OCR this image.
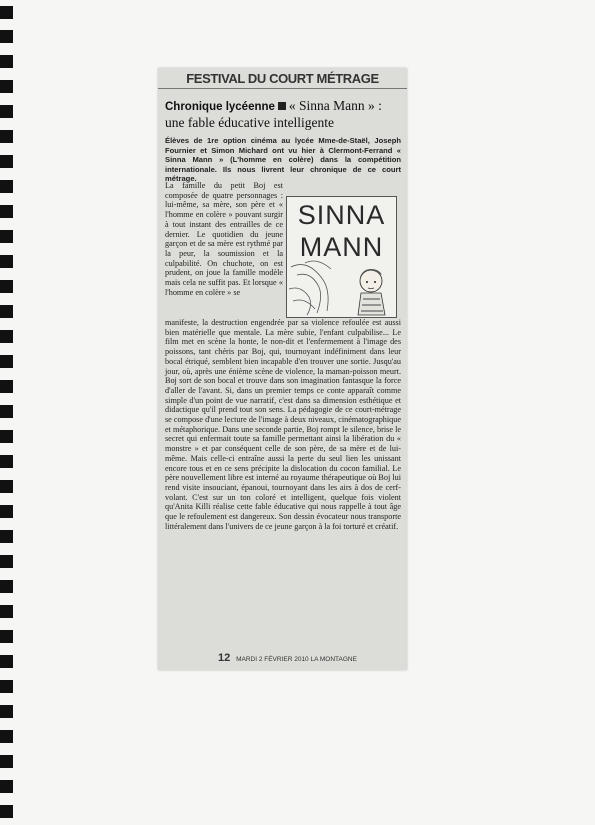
FESTIVAL DU COURT MÉTRAGE
Chronique lycéenne « Sinna Mann » : une fable éducative intelligente
Élèves de 1re option cinéma au lycée Mme-de-Staël, Joseph Fournier et Simon Michard ont vu hier à Clermont-Ferrand « Sinna Mann » (L'homme en colère) dans la compétition internationale. Ils nous livrent leur chronique de ce court métrage.
SINNA
MANN
La famille du petit Boj est composée de quatre personnages : lui-même, sa mère, son père et « l'homme en colère » pouvant surgir à tout instant des entrailles de ce dernier. Le quotidien du jeune garçon et de sa mère est rythmé par la peur, la soumission et la culpabilité. On chuchote, on est prudent, on joue la famille modèle mais cela ne suffit pas. Et lorsque « l'homme en colère » se
manifeste, la destruction engendrée par sa violence refoulée est aussi bien matérielle que mentale. La mère subie, l'enfant culpabilise... Le film met en scène la honte, le non-dit et l'enfermement à l'image des poissons, tant chéris par Boj, qui, tournoyant indéfiniment dans leur bocal étriqué, semblent bien incapable d'en trouver une sortie. Jusqu'au jour, où, après une énième scène de violence, la maman-poisson meurt. Boj sort de son bocal et trouve dans son imagination fantasque la force d'aller de l'avant. Si, dans un premier temps ce conte apparaît comme simple d'un point de vue narratif, c'est dans sa dimension esthétique et didactique qu'il prend tout son sens. La pédagogie de ce court-métrage se compose d'une lecture de l'image à deux niveaux, cinématographique et métaphorique. Dans une seconde partie, Boj rompt le silence, brise le secret qui enfermait toute sa famille permettant ainsi la libération du « monstre » et par conséquent celle de son père, de sa mère et de lui-même. Mais celle-ci entraîne aussi la perte du seul lien les unissant encore tous et en ce sens précipite la dislocation du cocon familial. Le père nouvellement libre est interné au royaume thérapeutique où Boj lui rend visite insouciant, épanoui, tournoyant dans les airs à dos de cerf-volant. C'est sur un ton coloré et intelligent, quelque fois violent qu'Anita Killi réalise cette fable éducative qui nous rappelle à tout âge que le refoulement est dangereux. Son dessin évocateur nous transporte littéralement dans l'univers de ce jeune garçon à la foi torturé et créatif.
12 MARDI 2 FÉVRIER 2010 LA MONTAGNE
